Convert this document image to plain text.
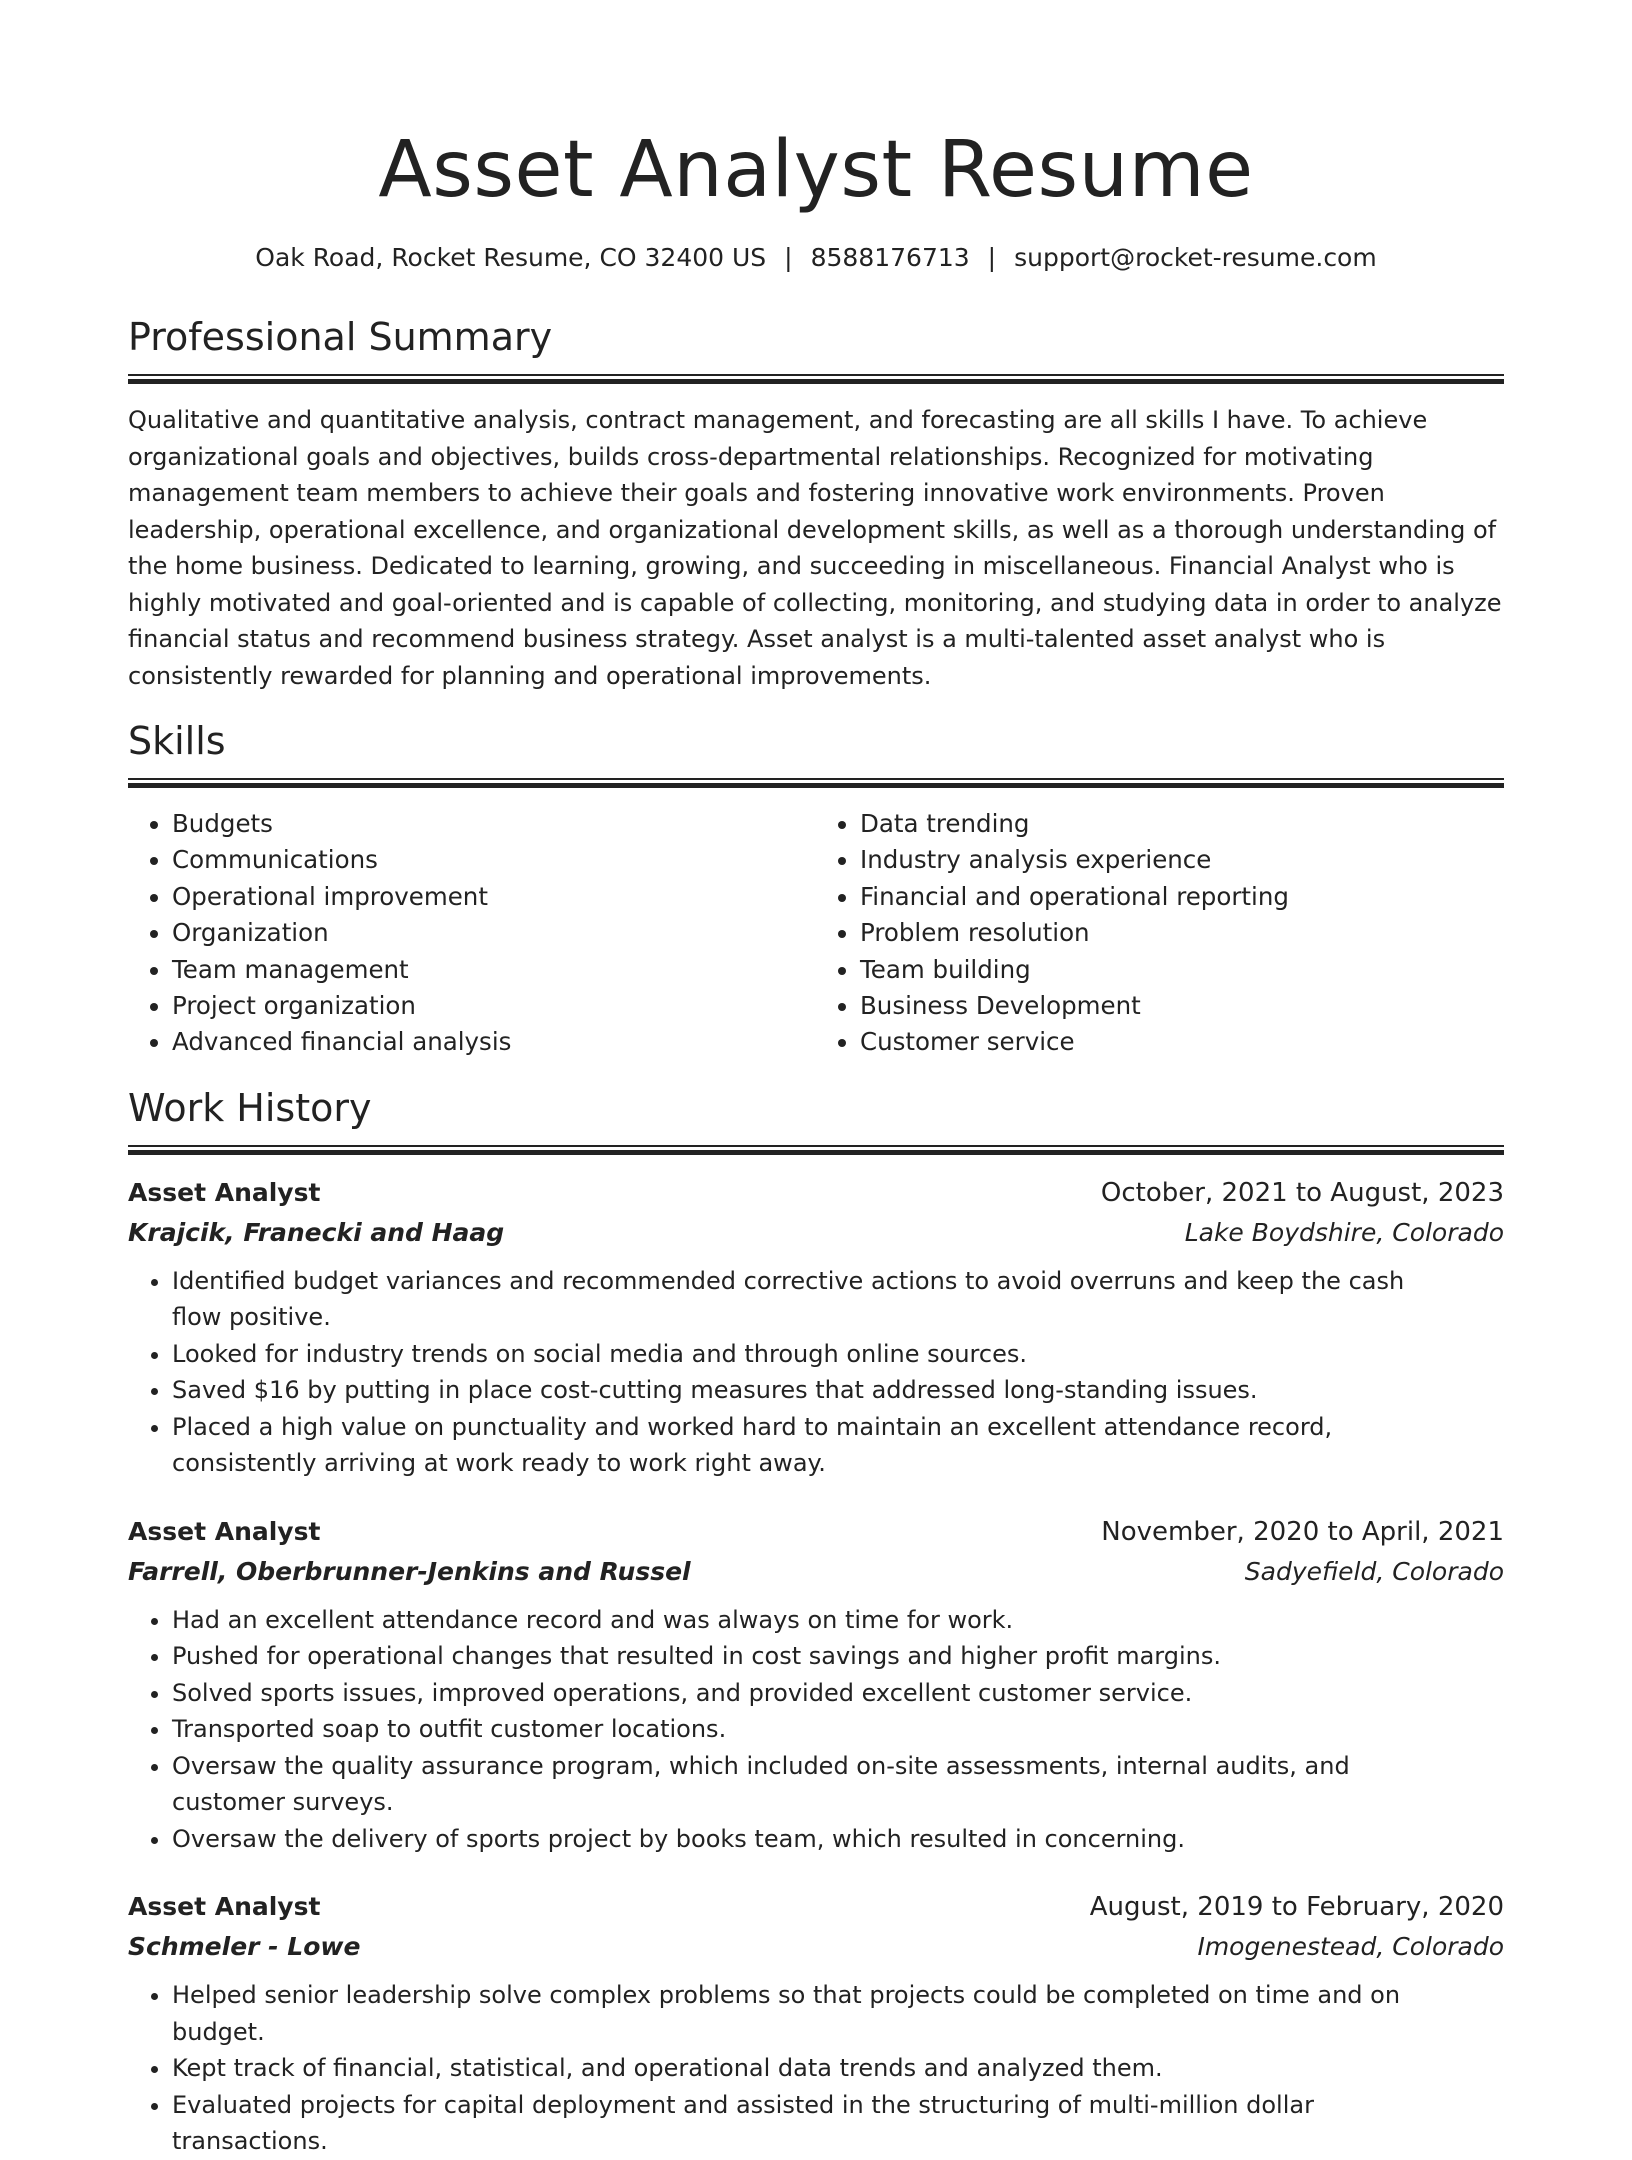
Asset Analyst Resume
Oak Road, Rocket Resume, CO 32400 US | 8588176713 | support@rocket-resume.com
Professional Summary

Qualitative and quantitative analysis, contract management, and forecasting are all skills I have. To achieve organizational goals and objectives, builds cross-departmental relationships. Recognized for motivating management team members to achieve their goals and fostering innovative work environments. Proven leadership, operational excellence, and organizational development skills, as well as a thorough understanding of the home business. Dedicated to learning, growing, and succeeding in miscellaneous. Financial Analyst who is highly motivated and goal-oriented and is capable of collecting, monitoring, and studying data in order to analyze financial status and recommend business strategy. Asset analyst is a multi-talented asset analyst who is consistently rewarded for planning and operational improvements.

Skills
• Budgets
• Communications
• Operational improvement
• Organization
• Team management
• Project organization
• Advanced financial analysis
• Data trending
• Industry analysis experience
• Financial and operational reporting
• Problem resolution
• Team building
• Business Development
• Customer service
Work History
Asset Analyst	October, 2021 to August, 2023
Krajcik, Franecki and Haag	Lake Boydshire, Colorado
• Identified budget variances and recommended corrective actions to avoid overruns and keep the cash flow positive.
• Looked for industry trends on social media and through online sources.
• Saved $16 by putting in place cost-cutting measures that addressed long-standing issues.
• Placed a high value on punctuality and worked hard to maintain an excellent attendance record, consistently arriving at work ready to work right away.
Asset Analyst	November, 2020 to April, 2021
Farrell, Oberbrunner-Jenkins and Russel	Sadyefield, Colorado
• Had an excellent attendance record and was always on time for work.
• Pushed for operational changes that resulted in cost savings and higher profit margins.
• Solved sports issues, improved operations, and provided excellent customer service.
• Transported soap to outfit customer locations.
• Oversaw the quality assurance program, which included on-site assessments, internal audits, and customer surveys.
• Oversaw the delivery of sports project by books team, which resulted in concerning.
Asset Analyst	August, 2019 to February, 2020
Schmeler - Lowe	Imogenestead, Colorado
• Helped senior leadership solve complex problems so that projects could be completed on time and on budget.
• Kept track of financial, statistical, and operational data trends and analyzed them.
• Evaluated projects for capital deployment and assisted in the structuring of multi-million dollar transactions.
